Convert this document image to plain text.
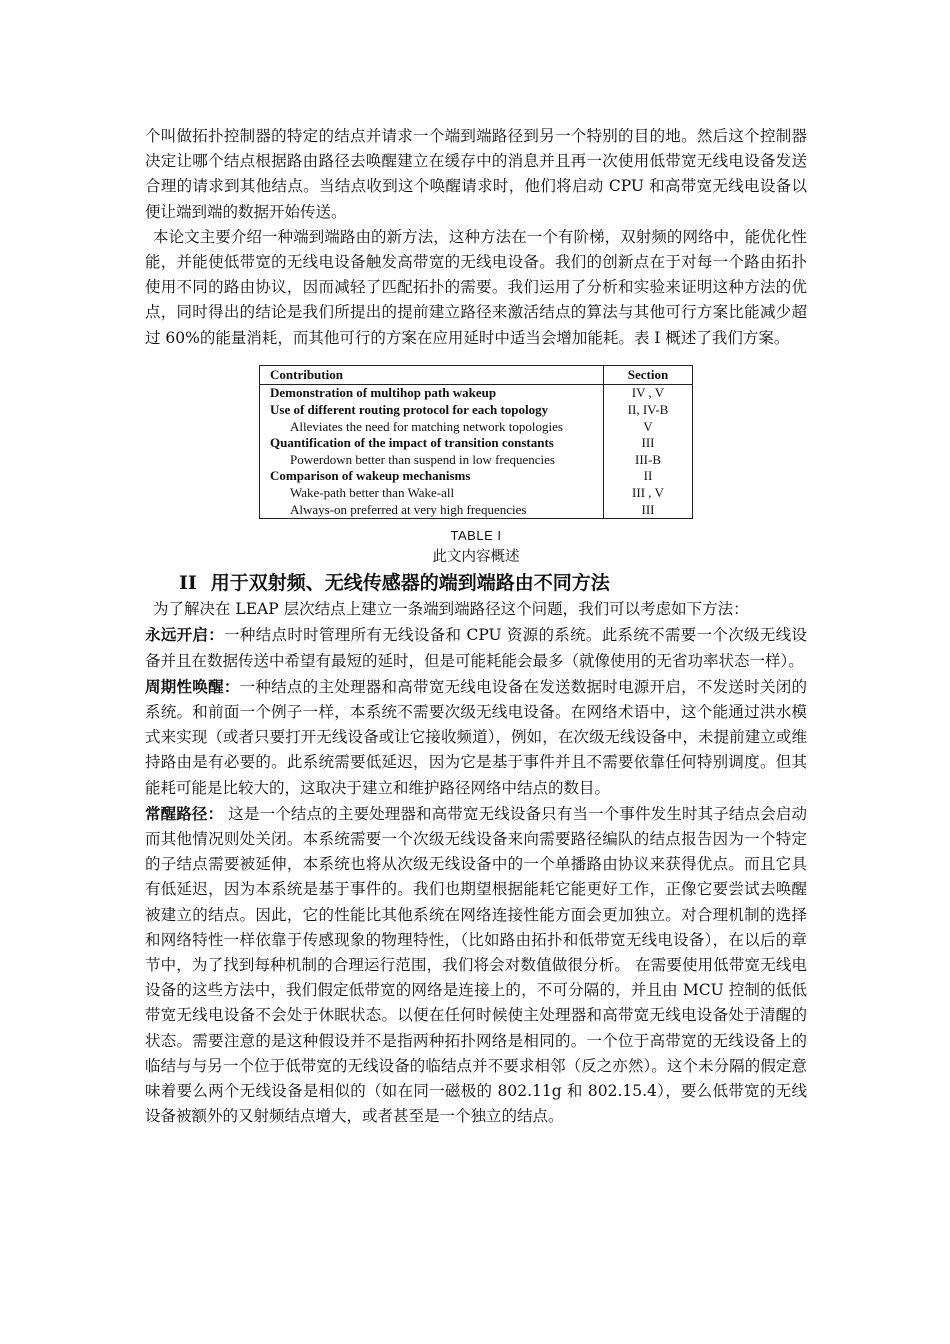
个叫做拓扑控制器的特定的结点并请求一个端到端路径到另一个特别的目的地。然后这个控制器决定让哪个结点根据路由路径去唤醒建立在缓存中的消息并且再一次使用低带宽无线电设备发送合理的请求到其他结点。当结点收到这个唤醒请求时，他们将启动 CPU 和高带宽无线电设备以便让端到端的数据开始传送。

本论文主要介绍一种端到端路由的新方法，这种方法在一个有阶梯，双射频的网络中，能优化性能，并能使低带宽的无线电设备触发高带宽的无线电设备。我们的创新点在于对每一个路由拓扑使用不同的路由协议，因而减轻了匹配拓扑的需要。我们运用了分析和实验来证明这种方法的优点，同时得出的结论是我们所提出的提前建立路径来激活结点的算法与其他可行方案比能减少超过 60%的能量消耗，而其他可行的方案在应用延时中适当会增加能耗。表 I 概述了我们方案。

Contribution	Section
Demonstration of multihop path wakeup	IV , V
Use of different routing protocol for each topology	II, IV-B
Alleviates the need for matching network topologies	V
Quantification of the impact of transition constants	III
Powerdown better than suspend in low frequencies	III-B
Comparison of wakeup mechanisms	II
Wake-path better than Wake-all	III , V
Always-on preferred at very high frequencies	III
TABLE I
此文内容概述
II 用于双射频、无线传感器的端到端路由不同方法

为了解决在 LEAP 层次结点上建立一条端到端路径这个问题，我们可以考虑如下方法：

永远开启：一种结点时时管理所有无线设备和 CPU 资源的系统。此系统不需要一个次级无线设备并且在数据传送中希望有最短的延时，但是可能耗能会最多（就像使用的无省功率状态一样）。

周期性唤醒：一种结点的主处理器和高带宽无线电设备在发送数据时电源开启，不发送时关闭的系统。和前面一个例子一样，本系统不需要次级无线电设备。在网络术语中，这个能通过洪水模式来实现（或者只要打开无线设备或让它接收频道），例如，在次级无线设备中，未提前建立或维持路由是有必要的。此系统需要低延迟，因为它是基于事件并且不需要依靠任何特别调度。但其能耗可能是比较大的，这取决于建立和维护路径网络中结点的数目。

常醒路径： 这是一个结点的主要处理器和高带宽无线设备只有当一个事件发生时其子结点会启动而其他情况则处关闭。本系统需要一个次级无线设备来向需要路径编队的结点报告因为一个特定的子结点需要被延伸，本系统也将从次级无线设备中的一个单播路由协议来获得优点。而且它具有低延迟，因为本系统是基于事件的。我们也期望根据能耗它能更好工作，正像它要尝试去唤醒被建立的结点。因此，它的性能比其他系统在网络连接性能方面会更加独立。对合理机制的选择和网络特性一样依靠于传感现象的物理特性，（比如路由拓扑和低带宽无线电设备），在以后的章节中，为了找到每种机制的合理运行范围，我们将会对数值做很分析。 在需要使用低带宽无线电设备的这些方法中，我们假定低带宽的网络是连接上的，不可分隔的，并且由 MCU 控制的低低带宽无线电设备不会处于休眠状态。以便在任何时候使主处理器和高带宽无线电设备处于清醒的状态。需要注意的是这种假设并不是指两种拓扑网络是相同的。一个位于高带宽的无线设备上的临结与与另一个位于低带宽的无线设备的临结点并不要求相邻（反之亦然）。这个未分隔的假定意味着要么两个无线设备是相似的（如在同一磁极的 802.11g 和 802.15.4），要么低带宽的无线设备被额外的又射频结点增大，或者甚至是一个独立的结点。
